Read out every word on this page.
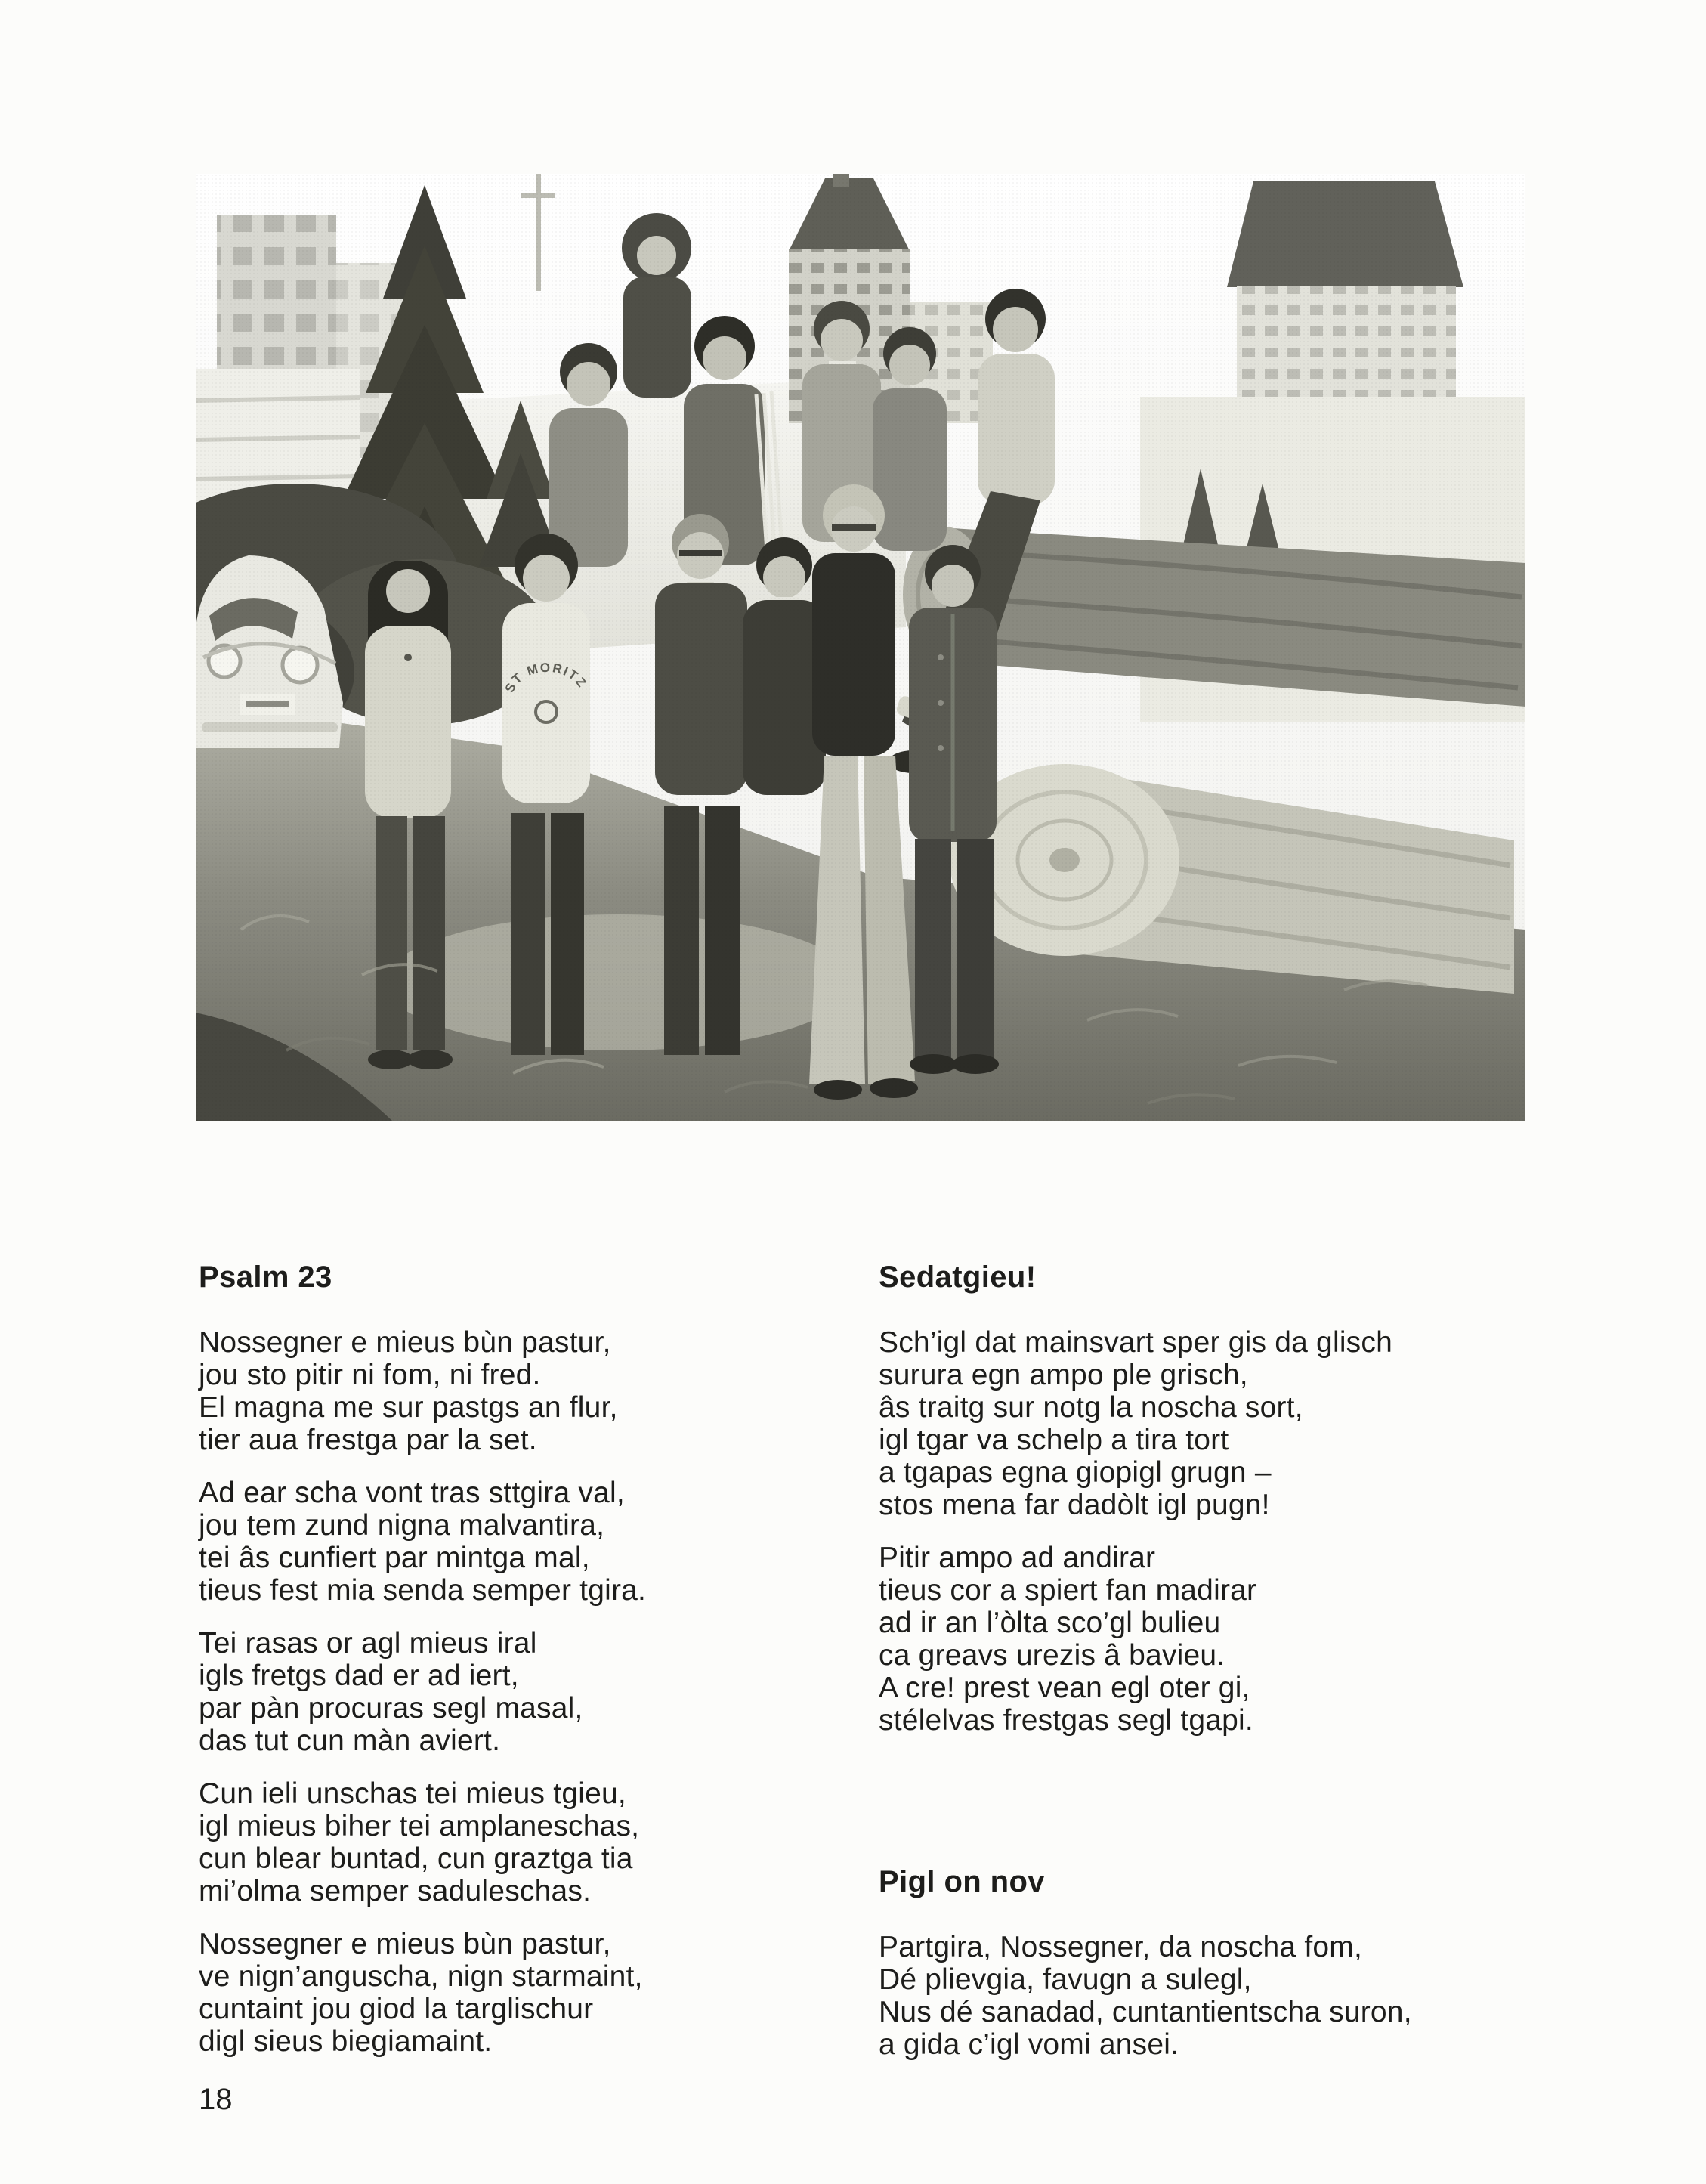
Psalm 23

Nossegner e mieus bùn pastur,
jou sto pitir ni fom, ni fred.
El magna me sur pastgs an flur,
tier aua frestga par la set.

Ad ear scha vont tras sttgira val,
jou tem zund nigna malvantira,
tei âs cunfiert par mintga mal,
tieus fest mia senda semper tgira.

Tei rasas or agl mieus iral
igls fretgs dad er ad iert,
par pàn procuras segl masal,
das tut cun màn aviert.

Cun ieli unschas tei mieus tgieu,
igl mieus biher tei amplaneschas,
cun blear buntad, cun graztga tia
mi’olma semper saduleschas.

Nossegner e mieus bùn pastur,
ve nign’anguscha, nign starmaint,
cuntaint jou giod la targlischur
digl sieus biegiamaint.

Sedatgieu!

Sch’igl dat mainsvart sper gis da glisch
surura egn ampo ple grisch,
âs traitg sur notg la noscha sort,
igl tgar va schelp a tira tort
a tgapas egna giopigl grugn –
stos mena far dadòlt igl pugn!

Pitir ampo ad andirar
tieus cor a spiert fan madirar
ad ir an l’òlta sco’gl bulieu
ca greavs urezis â bavieu.
A cre! prest vean egl oter gi,
stélelvas frestgas segl tgapi.

Pigl on nov

Partgira, Nossegner, da noscha fom,
Dé plievgia, favugn a sulegl,
Nus dé sanadad, cuntantientscha suron,
a gida c’igl vomi ansei.

18
